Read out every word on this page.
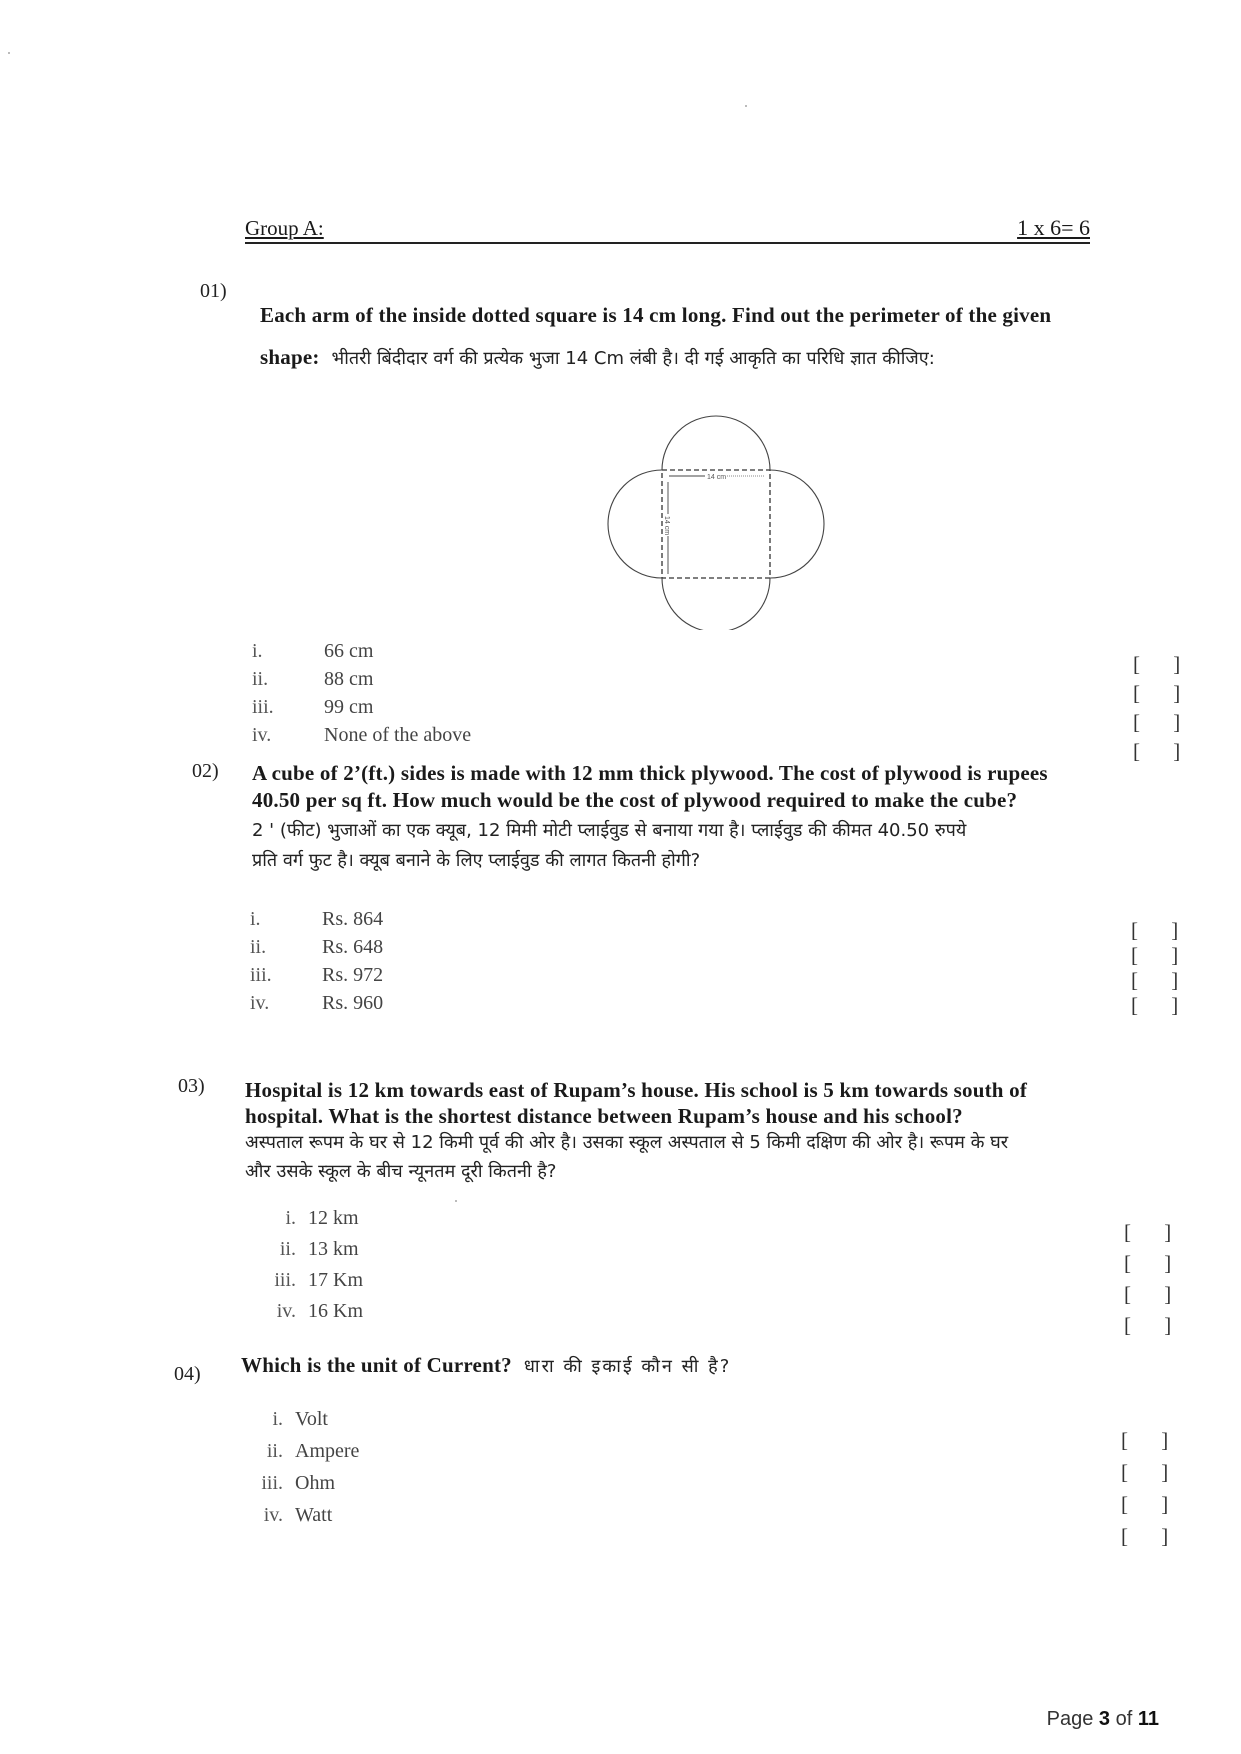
Group A:	1 x 6= 6
01)
Each arm of the inside dotted square is 14 cm long. Find out the perimeter of the given
shape: भीतरी बिंदीदार वर्ग की प्रत्येक भुजा 14 Cm लंबी है। दी गई आकृति का परिधि ज्ञात कीजिए:
14 cm
14 cm
i.	66 cm
ii.	88 cm
iii.	99 cm
iv.	None of the above
[ ]
[ ]
[ ]
[ ]
02) A cube of 2’(ft.) sides is made with 12 mm thick plywood. The cost of plywood is rupees
40.50 per sq ft. How much would be the cost of plywood required to make the cube?
2 ' (फीट) भुजाओं का एक क्यूब, 12 मिमी मोटी प्लाईवुड से बनाया गया है। प्लाईवुड की कीमत 40.50 रुपये
प्रति वर्ग फुट है। क्यूब बनाने के लिए प्लाईवुड की लागत कितनी होगी?
i.	Rs. 864
ii.	Rs. 648
iii.	Rs. 972
iv.	Rs. 960
[ ]
[ ]
[ ]
[ ]
03) Hospital is 12 km towards east of Rupam’s house. His school is 5 km towards south of
hospital. What is the shortest distance between Rupam’s house and his school?
अस्पताल रूपम के घर से 12 किमी पूर्व की ओर है। उसका स्कूल अस्पताल से 5 किमी दक्षिण की ओर है। रूपम के घर
और उसके स्कूल के बीच न्यूनतम दूरी कितनी है?
i. 12 km
ii. 13 km
iii. 17 Km
iv. 16 Km
[ ]
[ ]
[ ]
[ ]
04) Which is the unit of Current? धारा की इकाई कौन सी है?
i. Volt
ii. Ampere
iii. Ohm
iv. Watt
[ ]
[ ]
[ ]
[ ]
Page 3 of 11
